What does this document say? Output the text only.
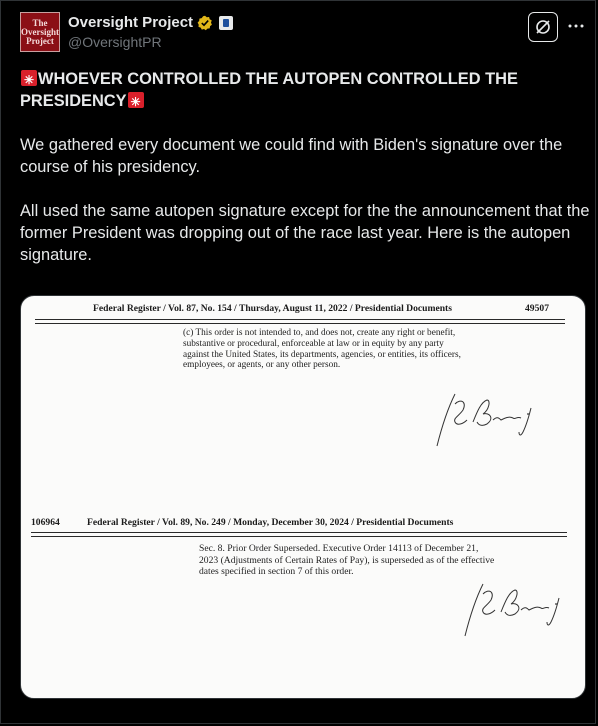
The
Oversight
Project
Oversight Project
@OversightPR

✳WHOEVER CONTROLLED THE AUTOPEN CONTROLLED THE
PRESIDENCY✳

We gathered every document we could find with Biden's signature over the course of his presidency.

All used the same autopen signature except for the the announcement that the former President was dropping out of the race last year. Here is the autopen signature.

Federal Register / Vol. 87, No. 154 / Thursday, August 11, 2022 / Presidential Documents	49507
(c) This order is not intended to, and does not, create any right or benefit,
substantive or procedural, enforceable at law or in equity by any party
against the United States, its departments, agencies, or entities, its officers,
employees, or agents, or any other person.
106964	Federal Register / Vol. 89, No. 249 / Monday, December 30, 2024 / Presidential Documents
Sec. 8. Prior Order Superseded. Executive Order 14113 of December 21,
2023 (Adjustments of Certain Rates of Pay), is superseded as of the effective
dates specified in section 7 of this order.
